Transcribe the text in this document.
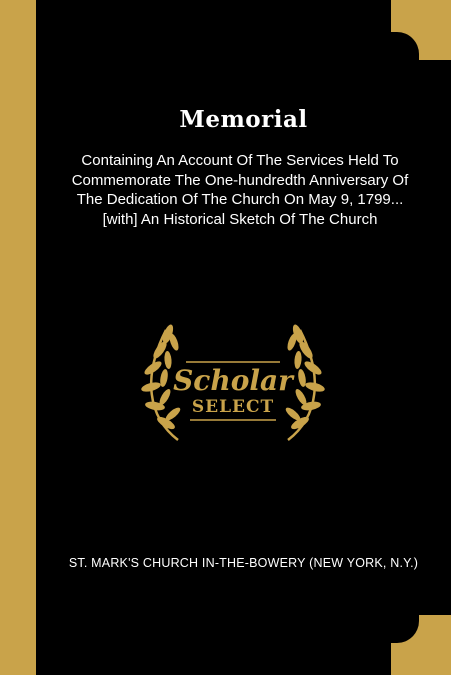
Memorial
Containing An Account Of The Services Held To Commemorate The One-hundredth Anniversary Of The Dedication Of The Church On May 9, 1799...[with] An Historical Sketch Of The Church
Scholar
SELECT
ST. MARK'S CHURCH IN-THE-BOWERY (NEW YORK, N.Y.)
